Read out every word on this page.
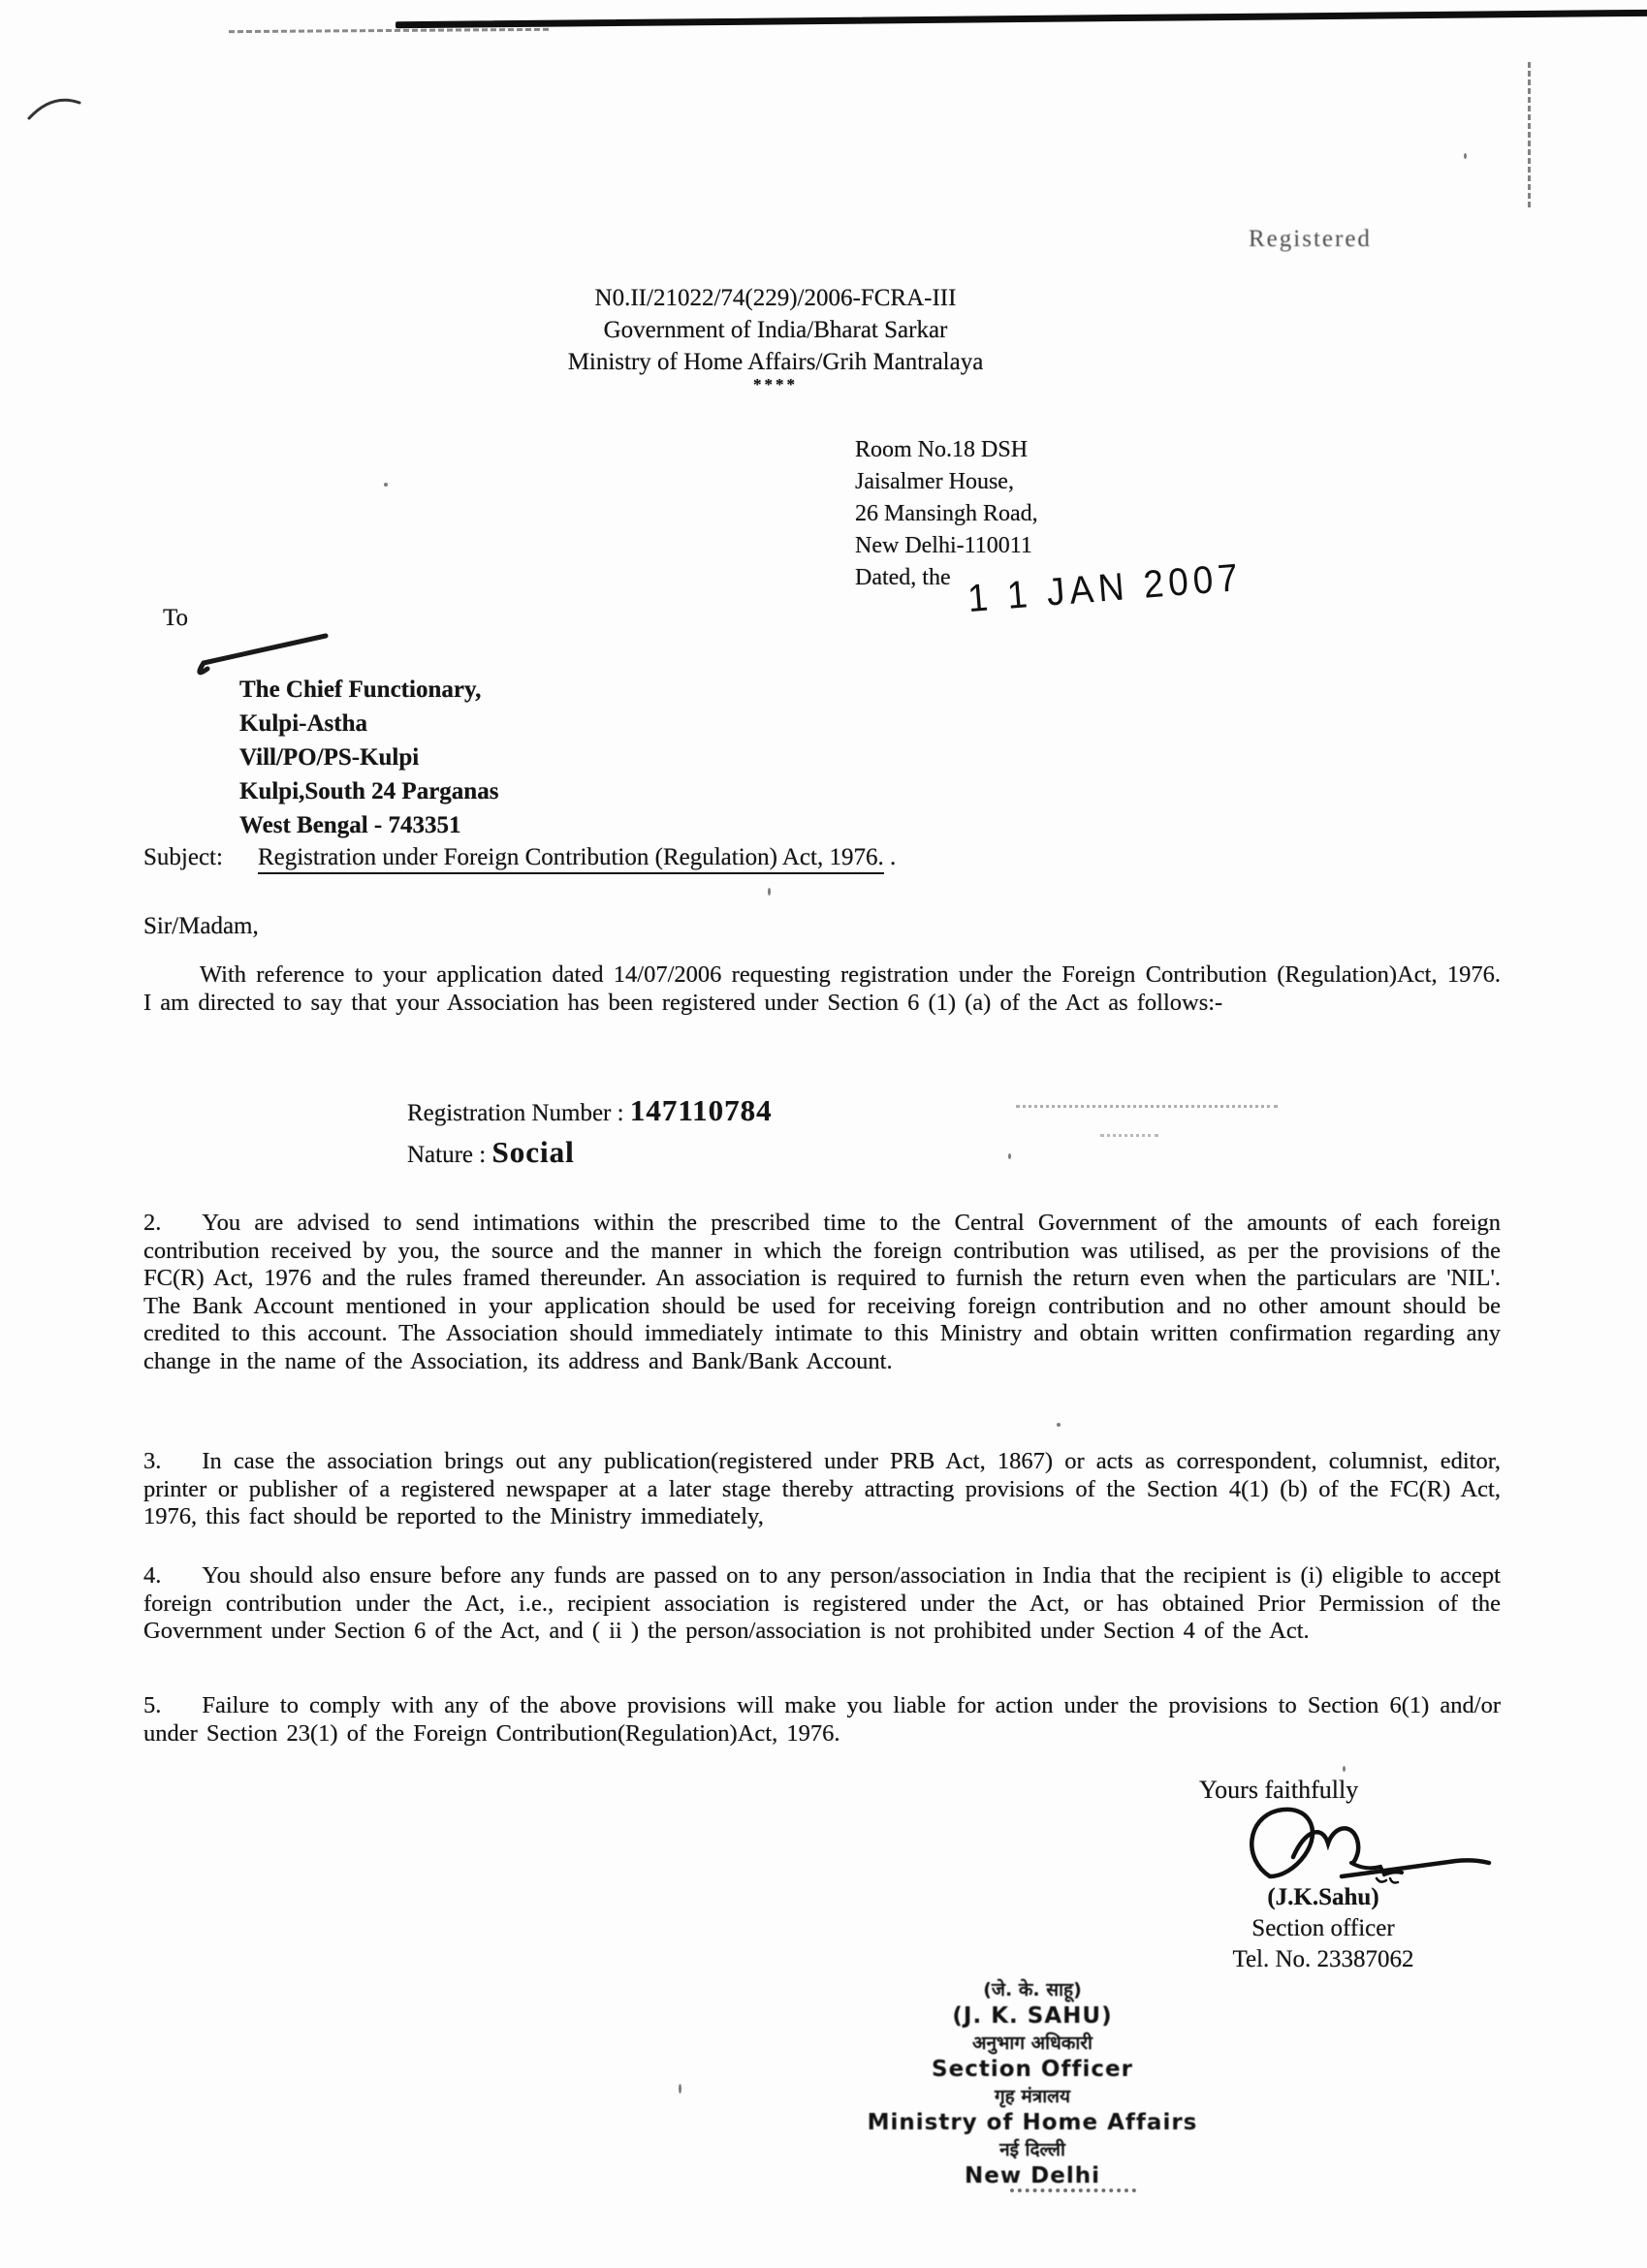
Registered
N0.II/21022/74(229)/2006-FCRA-III
Government of India/Bharat Sarkar
Ministry of Home Affairs/Grih Mantralaya
****
Room No.18 DSH
Jaisalmer House,
26 Mansingh Road,
New Delhi-110011
Dated, the 1 1 JAN 2007
To
The Chief Functionary,
Kulpi-Astha
Vill/PO/PS-Kulpi
Kulpi,South 24 Parganas
West Bengal - 743351
Subject: Registration under Foreign Contribution (Regulation) Act, 1976. .
Sir/Madam,

With reference to your application dated 14/07/2006 requesting registration under the Foreign Contribution (Regulation)Act, 1976. I am directed to say that your Association has been registered under Section 6 (1) (a) of the Act as follows:-

Registration Number : 147110784
Nature : Social

2. You are advised to send intimations within the prescribed time to the Central Government of the amounts of each foreign contribution received by you, the source and the manner in which the foreign contribution was utilised, as per the provisions of the FC(R) Act, 1976 and the rules framed thereunder. An association is required to furnish the return even when the particulars are 'NIL'. The Bank Account mentioned in your application should be used for receiving foreign contribution and no other amount should be credited to this account. The Association should immediately intimate to this Ministry and obtain written confirmation regarding any change in the name of the Association, its address and Bank/Bank Account.

3. In case the association brings out any publication(registered under PRB Act, 1867) or acts as correspondent, columnist, editor, printer or publisher of a registered newspaper at a later stage thereby attracting provisions of the Section 4(1) (b) of the FC(R) Act, 1976, this fact should be reported to the Ministry immediately,

4. You should also ensure before any funds are passed on to any person/association in India that the recipient is (i) eligible to accept foreign contribution under the Act, i.e., recipient association is registered under the Act, or has obtained Prior Permission of the Government under Section 6 of the Act, and ( ii ) the person/association is not prohibited under Section 4 of the Act.

5. Failure to comply with any of the above provisions will make you liable for action under the provisions to Section 6(1) and/or under Section 23(1) of the Foreign Contribution(Regulation)Act, 1976.

Yours faithfully
(J.K.Sahu)
Section officer
Tel. No. 23387062
(जे. के. साहू)
(J. K. SAHU)
अनुभाग अधिकारी
Section Officer
गृह मंत्रालय
Ministry of Home Affairs
नई दिल्ली
New Delhi
